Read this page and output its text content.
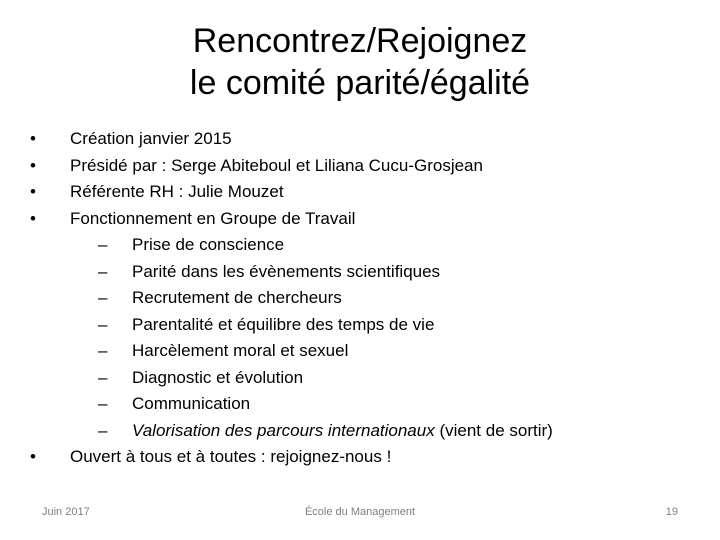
Rencontrez/Rejoignez
le comité parité/égalité
• Création janvier 2015
• Présidé par : Serge Abiteboul et Liliana Cucu-Grosjean
• Référente RH : Julie Mouzet
• Fonctionnement en Groupe de Travail
– Prise de conscience
– Parité dans les évènements scientifiques
– Recrutement de chercheurs
– Parentalité et équilibre des temps de vie
– Harcèlement moral et sexuel
– Diagnostic et évolution
– Communication
– Valorisation des parcours internationaux (vient de sortir)
• Ouvert à tous et à toutes : rejoignez-nous !
Juin 2017	École du Management	19
